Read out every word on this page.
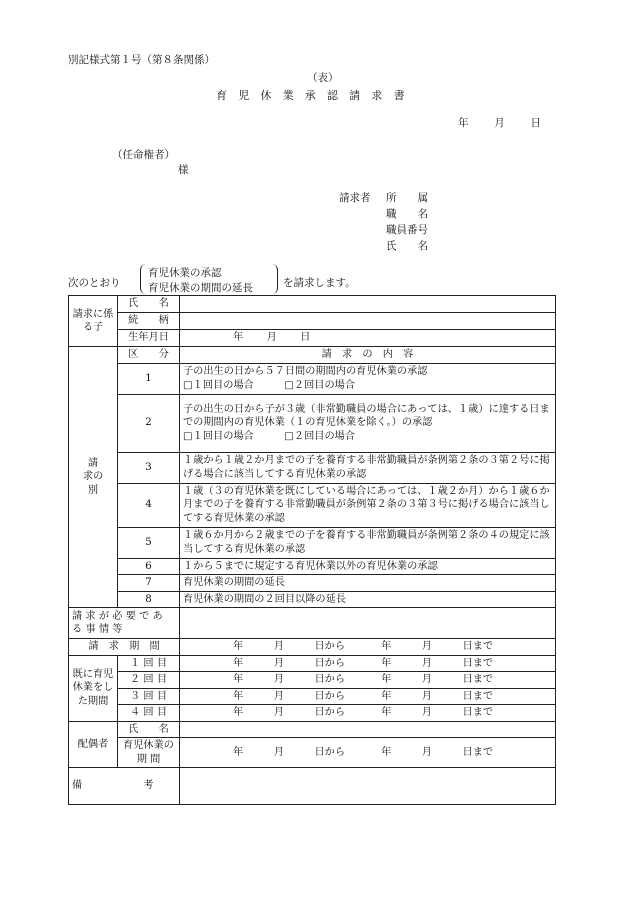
別記様式第１号（第８条関係）
（表）
育 児 休 業 承 認 請 求 書
年　　月　　日
（任命権者）
様
請求者 所　　属
職　　名
職員番号
氏　　名
次のとおり
育児休業の承認
育児休業の期間の延長	を請求します。
請求に係る子	氏　　名	
	続　　柄	
	生年月日	年　　月　　日
請　求の　別	区　　分	請　求　の　内　容
	1	子の出生の日から５７日間の期間内の育児休業の承認
□１回目の場合　　　□２回目の場合

	2	子の出生の日から子が３歳（非常勤職員の場合にあっては、１歳）に達する日までの期間内の育児休業（１の育児休業を除く。）の承認
□１回目の場合　　　□２回目の場合

	3	１歳から１歳２か月までの子を養育する非常勤職員が条例第２条の３第２号に掲げる場合に該当してする育児休業の承認

	4	１歳（３の育児休業を既にしている場合にあっては、１歳２か月）から１歳６か月までの子を養育する非常勤職員が条例第２条の３第３号に掲げる場合に該当してする育児休業の承認

	5	１歳６か月から２歳までの子を養育する非常勤職員が条例第２条の４の規定に該当してする育児休業の承認

	6	１から５までに規定する育児休業以外の育児休業の承認

	7	育児休業の期間の延長

	8	育児休業の期間の２回目以降の延長

請 求 が 必 要 で あ る 事 情 等		
請　求　期　間		年　　　月　　　日から 年　　　月　　　日まで
既に育児休業をした期間	１ 回 目	年　　　月　　　日から 年　　　月　　　日まで
	２ 回 目	年　　　月　　　日から 年　　　月　　　日まで
	３ 回 目	年　　　月　　　日から 年　　　月　　　日まで
	４ 回 目	年　　　月　　　日から 年　　　月　　　日まで
配偶者	氏　　名	
	育児休業の 期 間	年　　　月　　　日から 年　　　月　　　日まで
備　　　　　　考		
